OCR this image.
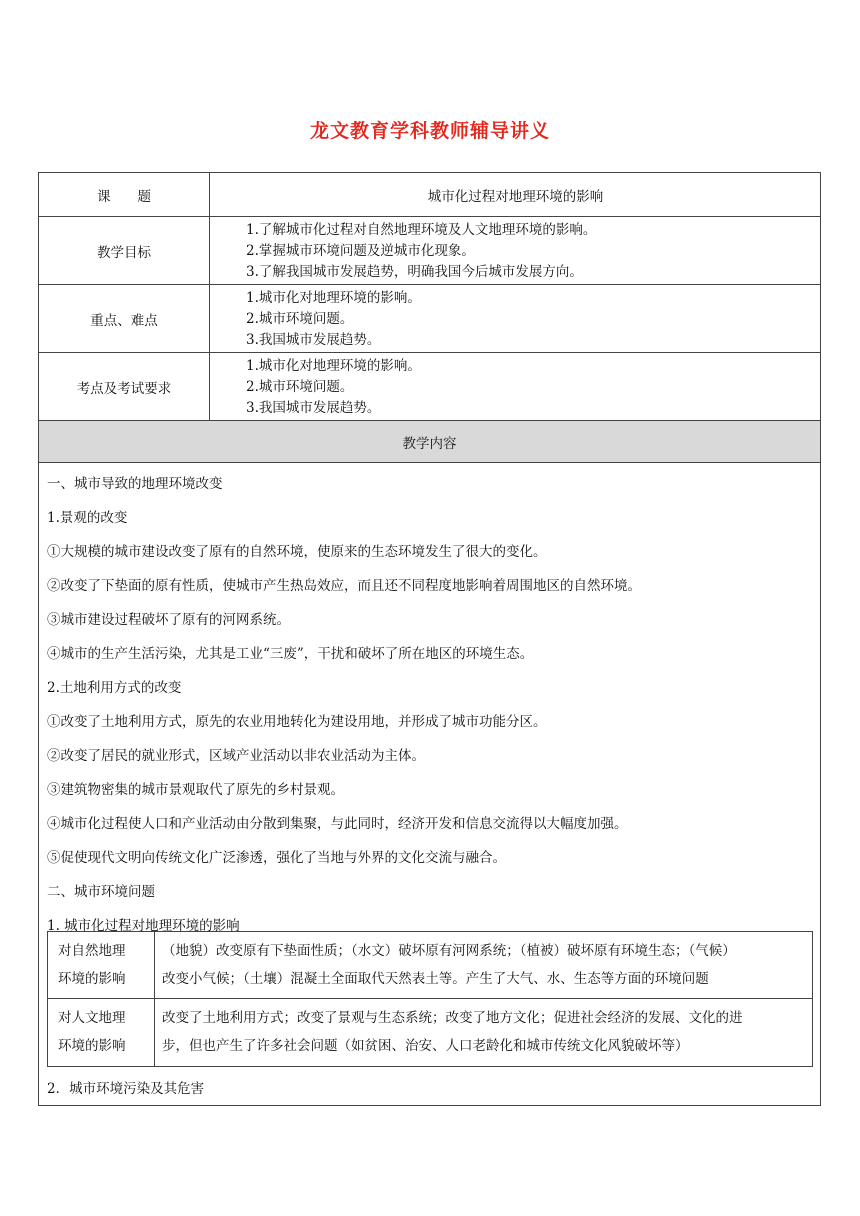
龙文教育学科教师辅导讲义
课　　题	城市化过程对地理环境的影响
教学目标
1.了解城市化过程对自然地理环境及人文地理环境的影响。
2.掌握城市环境问题及逆城市化现象。
3.了解我国城市发展趋势，明确我国今后城市发展方向。
重点、难点
1.城市化对地理环境的影响。
2.城市环境问题。
3.我国城市发展趋势。
考点及考试要求
1.城市化对地理环境的影响。
2.城市环境问题。
3.我国城市发展趋势。
教学内容
一、城市导致的地理环境改变
1.景观的改变
①大规模的城市建设改变了原有的自然环境，使原来的生态环境发生了很大的变化。
②改变了下垫面的原有性质，使城市产生热岛效应，而且还不同程度地影响着周围地区的自然环境。
③城市建设过程破坏了原有的河网系统。
④城市的生产生活污染，尤其是工业“三废”，干扰和破坏了所在地区的环境生态。
2.土地利用方式的改变
①改变了土地利用方式，原先的农业用地转化为建设用地，并形成了城市功能分区。
②改变了居民的就业形式，区域产业活动以非农业活动为主体。
③建筑物密集的城市景观取代了原先的乡村景观。
④城市化过程使人口和产业活动由分散到集聚，与此同时，经济开发和信息交流得以大幅度加强。
⑤促使现代文明向传统文化广泛渗透，强化了当地与外界的文化交流与融合。
二、城市环境问题
1. 城市化过程对地理环境的影响
对自然地理
环境的影响
（地貌）改变原有下垫面性质；（水文）破坏原有河网系统；（植被）破坏原有环境生态；（气候）
改变小气候；（土壤）混凝土全面取代天然表土等。产生了大气、水、生态等方面的环境问题
对人文地理
环境的影响
改变了土地利用方式；改变了景观与生态系统；改变了地方文化；促进社会经济的发展、文化的进
步，但也产生了许多社会问题（如贫困、治安、人口老龄化和城市传统文化风貌破坏等）
2．城市环境污染及其危害
